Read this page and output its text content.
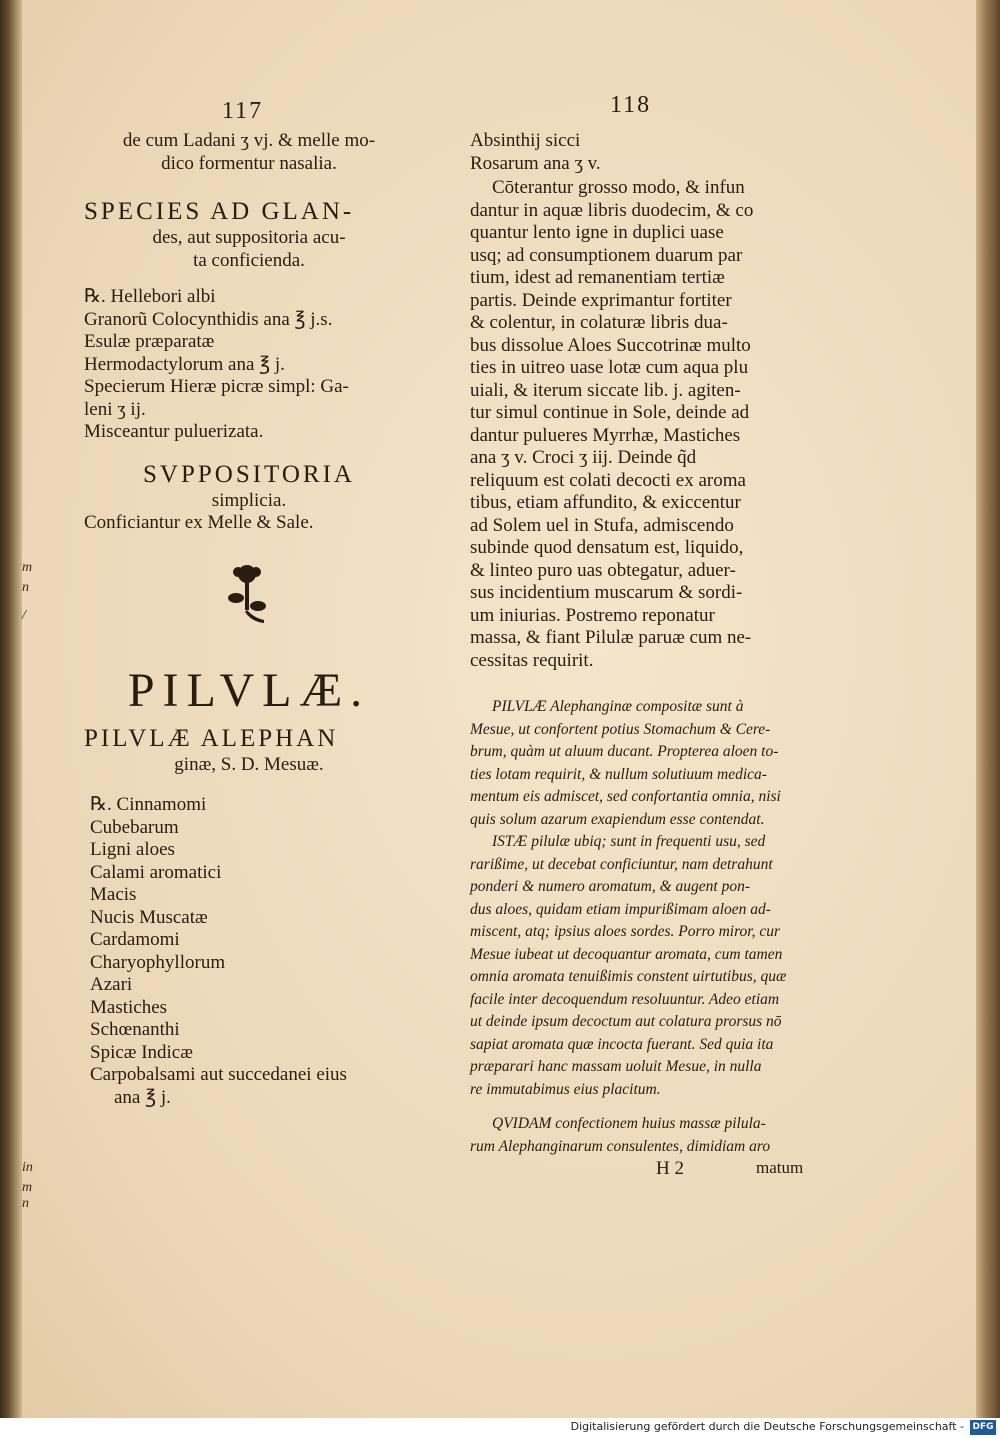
m
n
/
in
m
n
117	118
de cum Ladani ʒ vj. & melle mo-
dico formentur nasalia.
SPECIES AD GLAN-
des, aut suppositoria acu-
ta conficienda.
℞. Hellebori albi
Granorũ Colocynthidis ana ℥ j.s.
Esulæ præparatæ
Hermodactylorum ana ℥ j.
Specierum Hieræ picræ simpl: Ga-
leni ʒ ij.
Misceantur puluerizata.
SVPPOSITORIA
simplicia.
Conficiantur ex Melle & Sale.
PILVLÆ.
PILVLÆ ALEPHAN
ginæ, S. D. Mesuæ.
℞. Cinnamomi
Cubebarum
Ligni aloes
Calami aromatici
Macis
Nucis Muscatæ
Cardamomi
Charyophyllorum
Azari
Mastiches
Schœnanthi
Spicæ Indicæ
Carpobalsami aut succedanei eius
ana ℥ j.
Absinthij sicci
Rosarum ana ʒ v.
Cōterantur grosso modo, & infun
dantur in aquæ libris duodecim, & co
quantur lento igne in duplici uase
usq; ad consumptionem duarum par
tium, idest ad remanentiam tertiæ
partis. Deinde exprimantur fortiter
& colentur, in colaturæ libris dua-
bus dissolue Aloes Succotrinæ multo
ties in uitreo uase lotæ cum aqua plu
uiali, & iterum siccate lib. j. agiten-
tur simul continue in Sole, deinde ad
dantur pulueres Myrrhæ, Mastiches
ana ʒ v. Croci ʒ iij. Deinde q̃d
reliquum est colati decocti ex aroma
tibus, etiam affundito, & exiccentur
ad Solem uel in Stufa, admiscendo
subinde quod densatum est, liquido,
& linteo puro uas obtegatur, aduer-
sus incidentium muscarum & sordi-
um iniurias. Postremo reponatur
massa, & fiant Pilulæ paruæ cum ne-
cessitas requirit.
PILVLÆ Alephanginæ compositæ sunt à
Mesue, ut confortent potius Stomachum & Cere-
brum, quàm ut aluum ducant. Propterea aloen to-
ties lotam requirit, & nullum solutiuum medica-
mentum eis admiscet, sed confortantia omnia, nisi
quis solum azarum exapiendum esse contendat.
ISTÆ pilulæ ubiq; sunt in frequenti usu, sed
rarißime, ut decebat conficiuntur, nam detrahunt
ponderi & numero aromatum, & augent pon-
dus aloes, quidam etiam impurißimam aloen ad-
miscent, atq; ipsius aloes sordes. Porro miror, cur
Mesue iubeat ut decoquantur aromata, cum tamen
omnia aromata tenuißimis constent uirtutibus, quæ
facile inter decoquendum resoluuntur. Adeo etiam
ut deinde ipsum decoctum aut colatura prorsus nō
sapiat aromata quæ incocta fuerant. Sed quia ita
præparari hanc massam uoluit Mesue, in nulla
re immutabimus eius placitum.
QVIDAM confectionem huius massæ pilula-
rum Alephanginarum consulentes, dimidiam aro
H 2	matum
Digitalisierung gefördert durch die Deutsche Forschungsgemeinschaft - DFG
